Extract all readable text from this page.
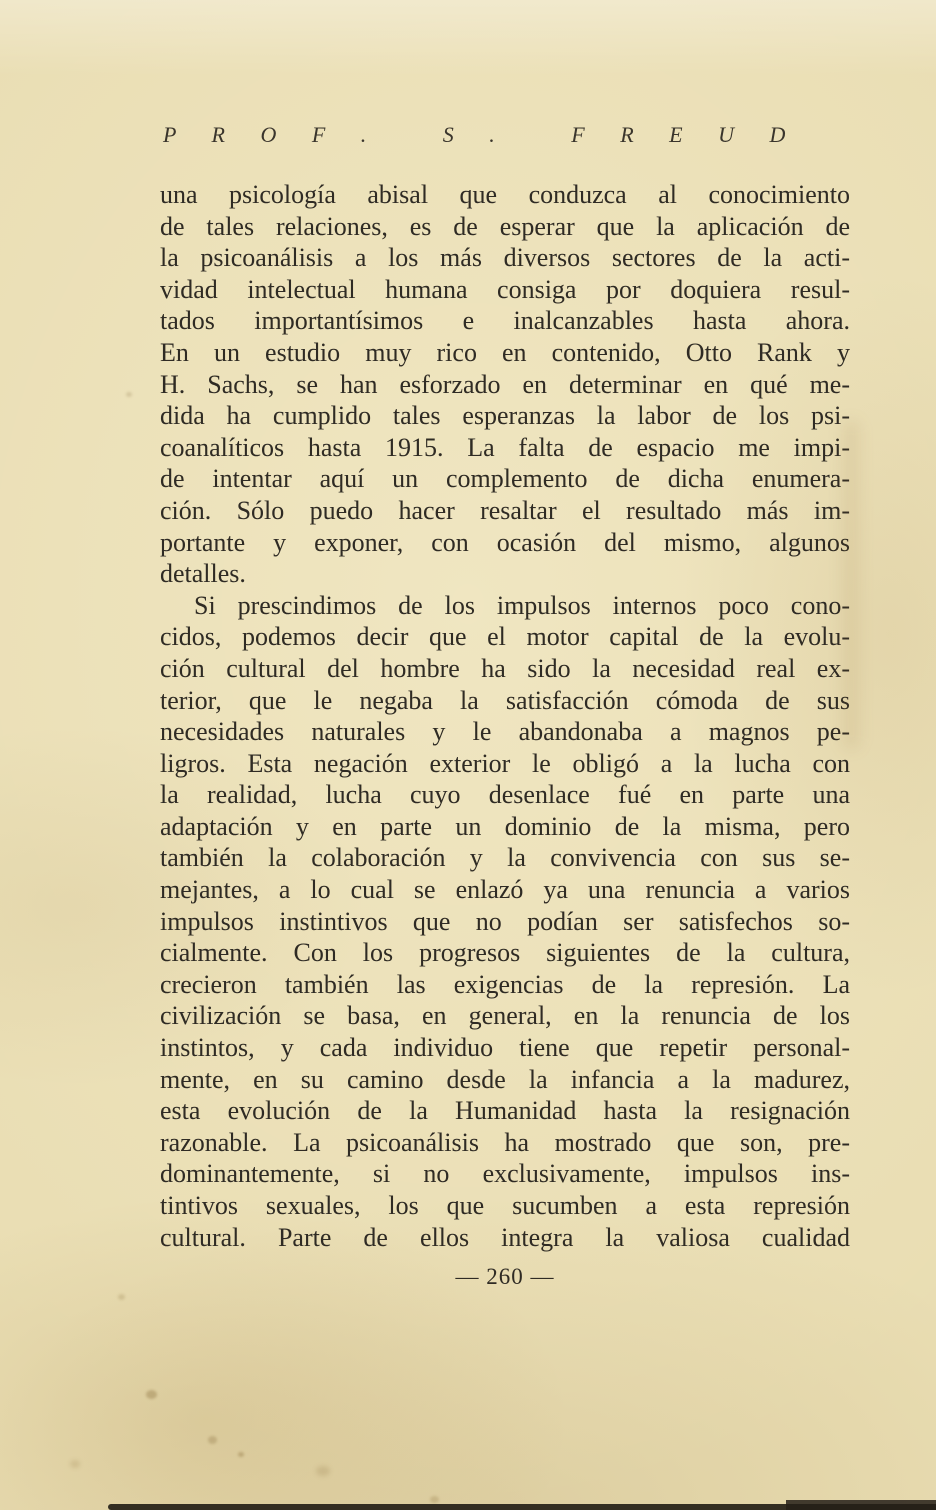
P R O F .   S .   F R E U D
una psicología abisal que conduzca al conocimiento
de tales relaciones, es de esperar que la aplicación de
la psicoanálisis a los más diversos sectores de la acti-
vidad intelectual humana consiga por doquiera resul-
tados importantísimos e inalcanzables hasta ahora.
En un estudio muy rico en contenido, Otto Rank y
H. Sachs, se han esforzado en determinar en qué me-
dida ha cumplido tales esperanzas la labor de los psi-
coanalíticos hasta 1915. La falta de espacio me impi-
de intentar aquí un complemento de dicha enumera-
ción. Sólo puedo hacer resaltar el resultado más im-
portante y exponer, con ocasión del mismo, algunos
detalles.
Si prescindimos de los impulsos internos poco cono-
cidos, podemos decir que el motor capital de la evolu-
ción cultural del hombre ha sido la necesidad real ex-
terior, que le negaba la satisfacción cómoda de sus
necesidades naturales y le abandonaba a magnos pe-
ligros. Esta negación exterior le obligó a la lucha con
la realidad, lucha cuyo desenlace fué en parte una
adaptación y en parte un dominio de la misma, pero
también la colaboración y la convivencia con sus se-
mejantes, a lo cual se enlazó ya una renuncia a varios
impulsos instintivos que no podían ser satisfechos so-
cialmente. Con los progresos siguientes de la cultura,
crecieron también las exigencias de la represión. La
civilización se basa, en general, en la renuncia de los
instintos, y cada individuo tiene que repetir personal-
mente, en su camino desde la infancia a la madurez,
esta evolución de la Humanidad hasta la resignación
razonable. La psicoanálisis ha mostrado que son, pre-
dominantemente, si no exclusivamente, impulsos ins-
tintivos sexuales, los que sucumben a esta represión
cultural. Parte de ellos integra la valiosa cualidad
— 260 —
